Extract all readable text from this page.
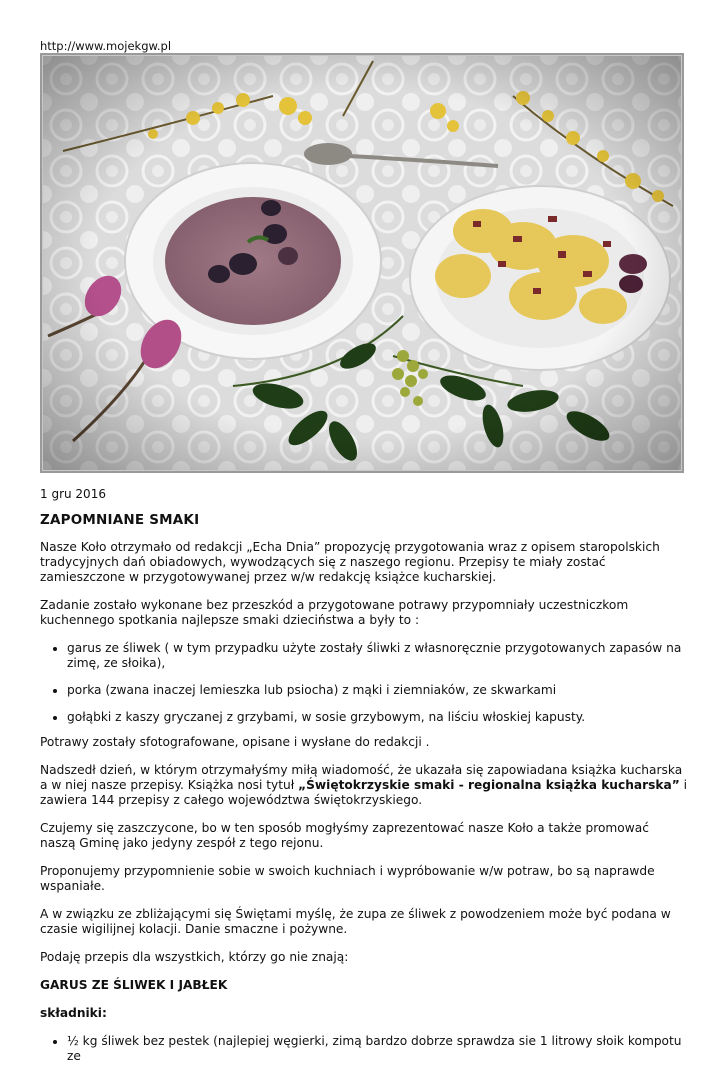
http://www.mojekgw.pl
1 gru 2016
ZAPOMNIANE SMAKI

Nasze Koło otrzymało od redakcji „Echa Dnia” propozycję przygotowania wraz z opisem staropolskich tradycyjnych dań obiadowych, wywodzących się z naszego regionu. Przepisy te miały zostać zamieszczone w przygotowywanej przez w/w redakcję książce kucharskiej.

Zadanie zostało wykonane bez przeszkód a przygotowane potrawy przypomniały uczestniczkom kuchennego spotkania najlepsze smaki dzieciństwa a były to :

• garus ze śliwek ( w tym przypadku użyte zostały śliwki z własnoręcznie przygotowanych zapasów na zimę, ze słoika),
• porka (zwana inaczej lemieszka lub psiocha) z mąki i ziemniaków, ze skwarkami
• gołąbki z kaszy gryczanej z grzybami, w sosie grzybowym, na liściu włoskiej kapusty.

Potrawy zostały sfotografowane, opisane i wysłane do redakcji .

Nadszedł dzień, w którym otrzymałyśmy miłą wiadomość, że ukazała się zapowiadana książka kucharska a w niej nasze przepisy. Książka nosi tytuł „Świętokrzyskie smaki - regionalna książka kucharska” i zawiera 144 przepisy z całego województwa świętokrzyskiego.

Czujemy się zaszczycone, bo w ten sposób mogłyśmy zaprezentować nasze Koło a także promować naszą Gminę jako jedyny zespół z tego rejonu.

Proponujemy przypomnienie sobie w swoich kuchniach i wypróbowanie w/w potraw, bo są naprawde wspaniałe.

A w związku ze zbliżającymi się Świętami myślę, że zupa ze śliwek z powodzeniem może być podana w czasie wigilijnej kolacji. Danie smaczne i pożywne.

Podaję przepis dla wszystkich, którzy go nie znają:

GARUS ZE ŚLIWEK I JABŁEK

składniki:

• ½ kg śliwek bez pestek (najlepiej węgierki, zimą bardzo dobrze sprawdza sie 1 litrowy słoik kompotu ze
